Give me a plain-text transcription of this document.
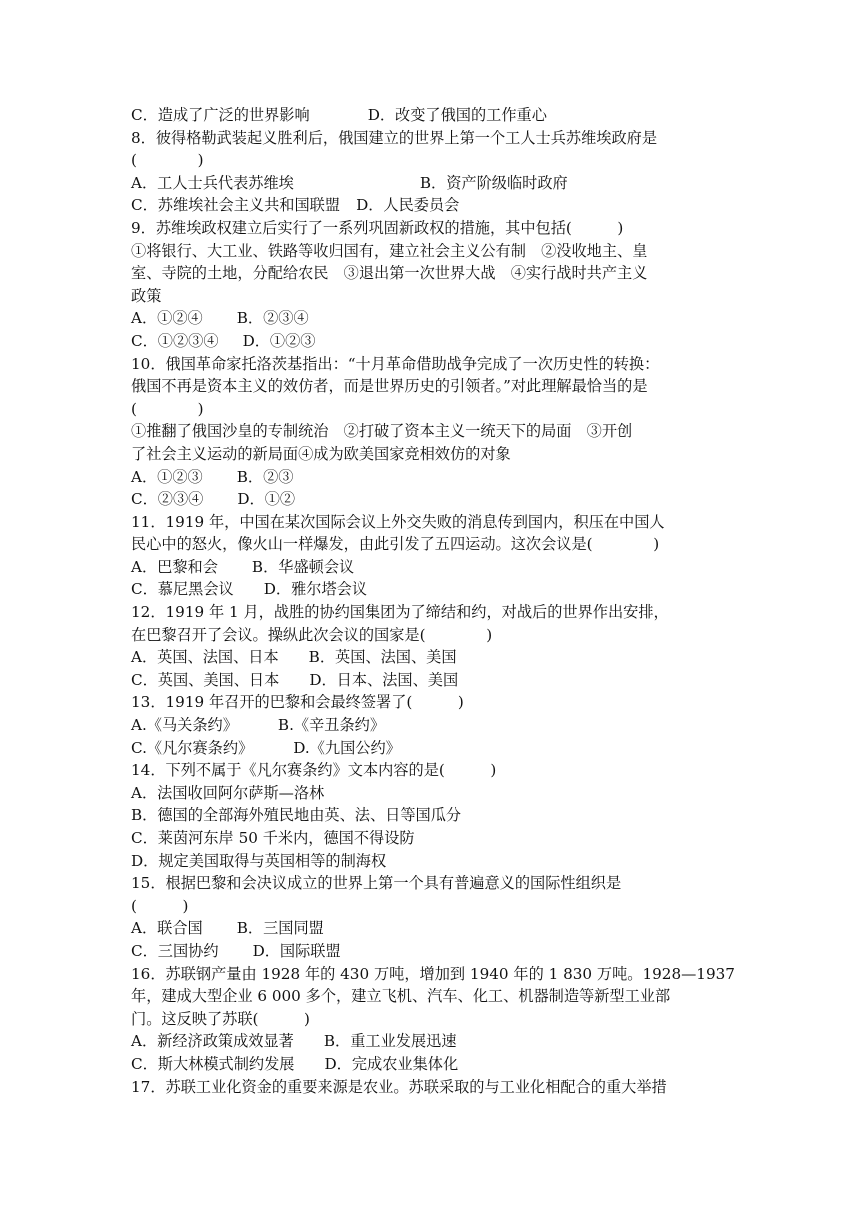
C．造成了广泛的世界影响	D．改变了俄国的工作重心
8．彼得格勒武装起义胜利后，俄国建立的世界上第一个工人士兵苏维埃政府是
(　　　　)
A．工人士兵代表苏维埃	B．资产阶级临时政府
C．苏维埃社会主义共和国联盟 D．人民委员会
9．苏维埃政权建立后实行了一系列巩固新政权的措施，其中包括(　　　)
①将银行、大工业、铁路等收归国有，建立社会主义公有制　②没收地主、皇
室、寺院的土地，分配给农民　③退出第一次世界大战　④实行战时共产主义
政策
A．①②④ B．②③④
C．①②③④ D．①②③
10．俄国革命家托洛茨基指出：“十月革命借助战争完成了一次历史性的转换：
俄国不再是资本主义的效仿者，而是世界历史的引领者。”对此理解最恰当的是
(　　　　)
①推翻了俄国沙皇的专制统治　②打破了资本主义一统天下的局面　③开创
了社会主义运动的新局面④成为欧美国家竞相效仿的对象
A．①②③ B．②③
C．②③④ D．①②
11．1919 年，中国在某次国际会议上外交失败的消息传到国内，积压在中国人
民心中的怒火，像火山一样爆发，由此引发了五四运动。这次会议是(　　　　)
A．巴黎和会 B．华盛顿会议
C．慕尼黑会议 D．雅尔塔会议
12．1919 年 1 月，战胜的协约国集团为了缔结和约，对战后的世界作出安排，
在巴黎召开了会议。操纵此次会议的国家是(　　　　)
A．英国、法国、日本 B．英国、法国、美国
C．英国、美国、日本 D．日本、法国、美国
13．1919 年召开的巴黎和会最终签署了(　　　)
A.《马关条约》	B.《辛丑条约》
C.《凡尔赛条约》	D.《九国公约》
14．下列不属于《凡尔赛条约》文本内容的是(　　　)
A．法国收回阿尔萨斯—洛林
B．德国的全部海外殖民地由英、法、日等国瓜分
C．莱茵河东岸 50 千米内，德国不得设防
D．规定美国取得与英国相等的制海权
15．根据巴黎和会决议成立的世界上第一个具有普遍意义的国际性组织是
(　　　)
A．联合国 B．三国同盟
C．三国协约 D．国际联盟
16．苏联钢产量由 1928 年的 430 万吨，增加到 1940 年的 1 830 万吨。1928—1937
年，建成大型企业 6 000 多个，建立飞机、汽车、化工、机器制造等新型工业部
门。这反映了苏联(　　　)
A．新经济政策成效显著 B．重工业发展迅速
C．斯大林模式制约发展 D．完成农业集体化
17．苏联工业化资金的重要来源是农业。苏联采取的与工业化相配合的重大举措
